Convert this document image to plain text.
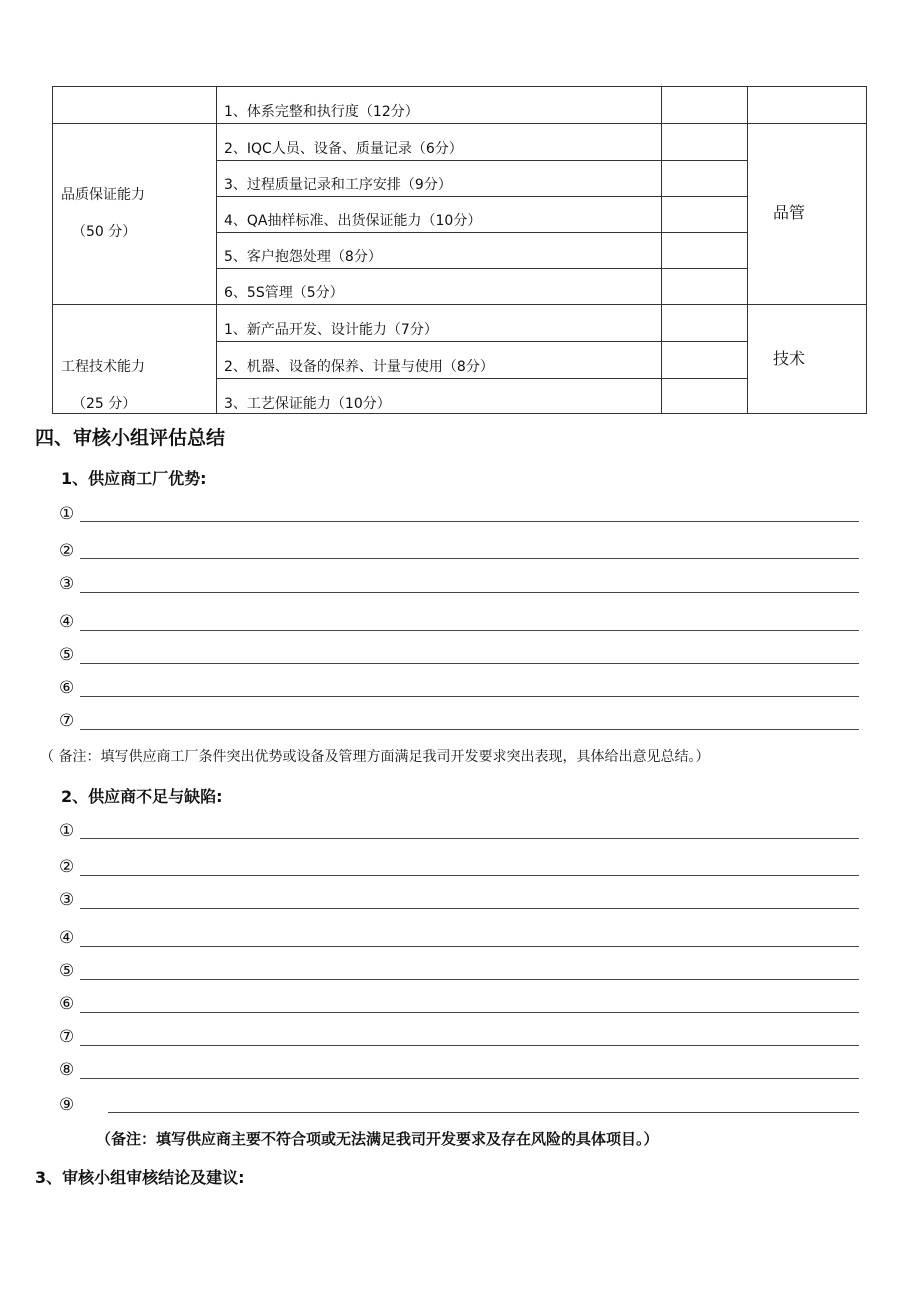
1、体系完整和执行度（12分）
品质保证能力
（50 分）
品管
2、IQC人员、设备、质量记录（6分）
3、过程质量记录和工序安排（9分）
4、QA抽样标准、出货保证能力（10分）
5、客户抱怨处理（8分）
6、5S管理（5分）
工程技术能力
（25 分）
技术
1、新产品开发、设计能力（7分）
2、机器、设备的保养、计量与使用（8分）
3、工艺保证能力（10分）
四、审核小组评估总结
1、供应商工厂优势:
①
②
③
④
⑤
⑥
⑦
（ 备注：填写供应商工厂条件突出优势或设备及管理方面满足我司开发要求突出表现，具体给出意见总结。）
2、供应商不足与缺陷:
①
②
③
④
⑤
⑥
⑦
⑧
⑨
（备注：填写供应商主要不符合项或无法满足我司开发要求及存在风险的具体项目。）
3、审核小组审核结论及建议:
